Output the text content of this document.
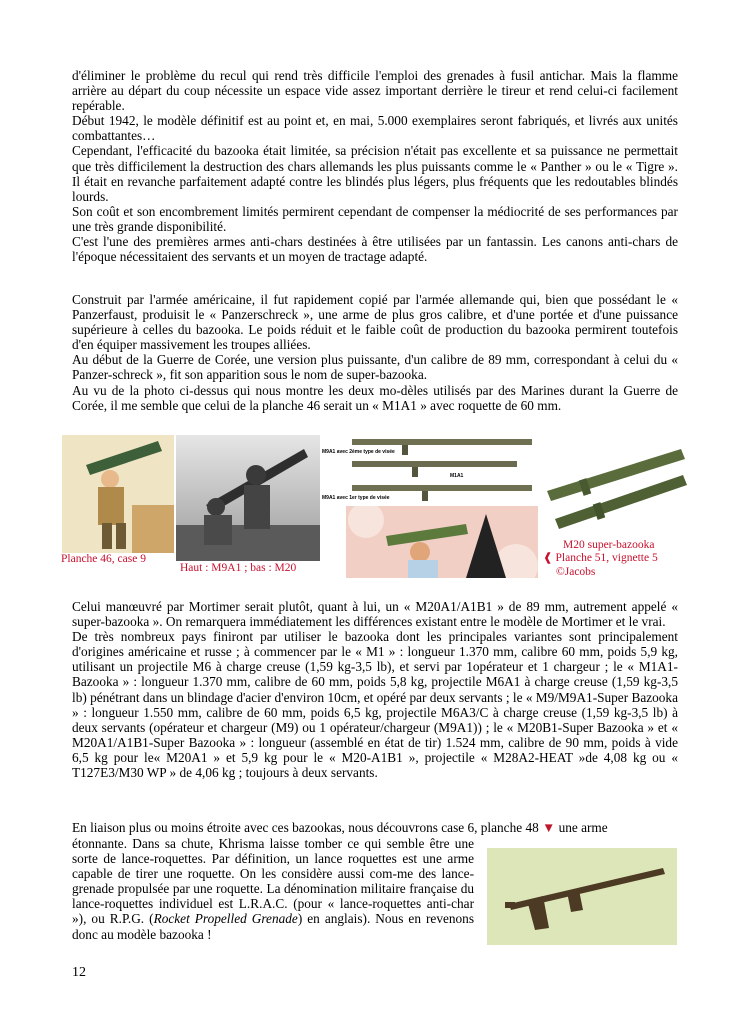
d'éliminer le problème du recul qui rend très difficile l'emploi des grenades à fusil antichar. Mais la flamme arrière au départ du coup nécessite un espace vide assez important derrière le tireur et rend celui-ci facilement repérable.
Début 1942, le modèle définitif est au point et, en mai, 5.000 exemplaires seront fabriqués, et livrés aux unités combattantes…
Cependant, l'efficacité du bazooka était limitée, sa précision n'était pas excellente et sa puissance ne permettait que très difficilement la destruction des chars allemands les plus puissants comme le « Panther » ou le « Tigre ». Il était en revanche parfaitement adapté contre les blindés plus légers, plus fréquents que les redoutables blindés lourds.
Son coût et son encombrement limités permirent cependant de compenser la médiocrité de ses performances par une très grande disponibilité.
C'est l'une des premières armes anti-chars destinées à être utilisées par un fantassin. Les canons anti-chars de l'époque nécessitaient des servants et un moyen de tractage adapté.
Construit par l'armée américaine, il fut rapidement copié par l'armée allemande qui, bien que possédant le « Panzerfaust, produisit le « Panzerschreck », une arme de plus gros calibre, et d'une portée et d'une puissance supérieure à celles du bazooka. Le poids réduit et le faible coût de production du bazooka permirent toutefois d'en équiper massivement les troupes alliées.
Au début de la Guerre de Corée, une version plus puissante, d'un calibre de 89 mm, correspondant à celui du « Panzer-schreck », fit son apparition sous le nom de super-bazooka.
Au vu de la photo ci-dessus qui nous montre les deux mo-dèles utilisés par des Marines durant la Guerre de Corée, il me semble que celui de la planche 46 serait un « M1A1 » avec roquette de 60 mm.
Planche 46, case 9
Haut : M9A1 ; bas : M20
M9A1 avec 2ème type de visée
M1A1
M9A1 avec 1er type de visée
M20 super-bazooka
❰ Planche 51, vignette 5
©Jacobs
Celui manœuvré par Mortimer serait plutôt, quant à lui, un « M20A1/A1B1 » de 89 mm, autrement appelé « super-bazooka ». On remarquera immédiatement les différences existant entre le modèle de Mortimer et le vrai.
De très nombreux pays finiront par utiliser le bazooka dont les principales variantes sont principalement d'origines américaine et russe ; à commencer par le « M1 » : longueur 1.370 mm, calibre 60 mm, poids 5,9 kg, utilisant un projectile M6 à charge creuse (1,59 kg-3,5 lb), et servi par 1opérateur et 1 chargeur ; le « M1A1-Bazooka » : longueur 1.370 mm, calibre de 60 mm, poids 5,8 kg, projectile M6A1 à charge creuse (1,59 kg-3,5 lb) pénétrant dans un blindage d'acier d'environ 10cm, et opéré par deux servants ; le « M9/M9A1-Super Bazooka » : longueur 1.550 mm, calibre de 60 mm, poids 6,5 kg, projectile M6A3/C à charge creuse (1,59 kg-3,5 lb) à deux servants (opérateur et chargeur (M9) ou 1 opérateur/chargeur (M9A1)) ; le « M20B1-Super Bazooka » et « M20A1/A1B1-Super Bazooka » : longueur (assemblé en état de tir) 1.524 mm, calibre de 90 mm, poids à vide 6,5 kg pour le« M20A1 » et 5,9 kg pour le « M20-A1B1 », projectile « M28A2-HEAT »de 4,08 kg ou « T127E3/M30 WP » de 4,06 kg ; toujours à deux servants.
En liaison plus ou moins étroite avec ces bazookas, nous découvrons case 6, planche 48 ▼ une arme
étonnante. Dans sa chute, Khrisma laisse tomber ce qui semble être une sorte de lance-roquettes. Par définition, un lance roquettes est une arme capable de tirer une roquette. On les considère aussi com-me des lance-grenade propulsée par une roquette. La dénomination militaire française du lance-roquettes individuel est L.R.A.C. (pour « lance-roquettes anti-char »), ou R.P.G. (Rocket Propelled Grenade) en anglais). Nous en revenons donc au modèle bazooka !
12
